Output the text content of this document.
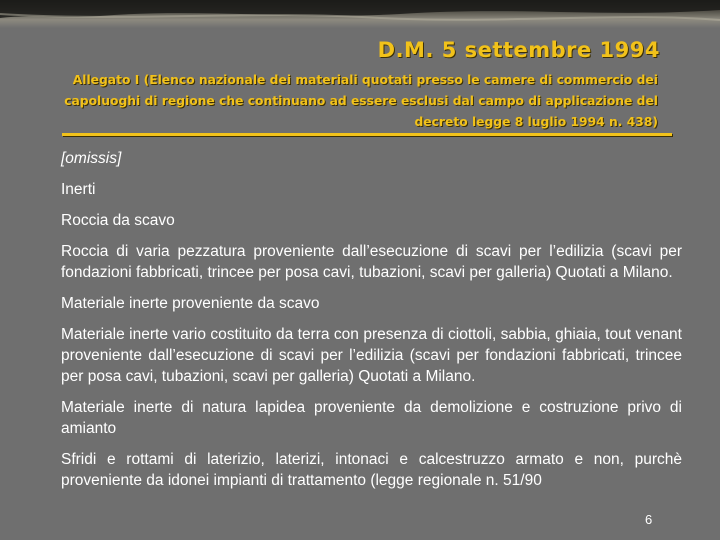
D.M. 5 settembre 1994
Allegato I (Elenco nazionale dei materiali quotati presso le camere di commercio dei capoluoghi di regione che continuano ad essere esclusi dal campo di applicazione del decreto legge 8 luglio 1994 n. 438)

[omissis]

Inerti

Roccia da scavo

Roccia di varia pezzatura proveniente dall’esecuzione di scavi per l’edilizia (scavi per fondazioni fabbricati, trincee per posa cavi, tubazioni, scavi per galleria) Quotati a Milano.

Materiale inerte proveniente da scavo

Materiale inerte vario costituito da terra con presenza di ciottoli, sabbia, ghiaia, tout venant proveniente dall’esecuzione di scavi per l’edilizia (scavi per fondazioni fabbricati, trincee per posa cavi, tubazioni, scavi per galleria) Quotati a Milano.

Materiale inerte di natura lapidea proveniente da demolizione e costruzione privo di amianto

Sfridi e rottami di laterizio, laterizi, intonaci e calcestruzzo armato e non, purchè proveniente da idonei impianti di trattamento (legge regionale n. 51/90

6
